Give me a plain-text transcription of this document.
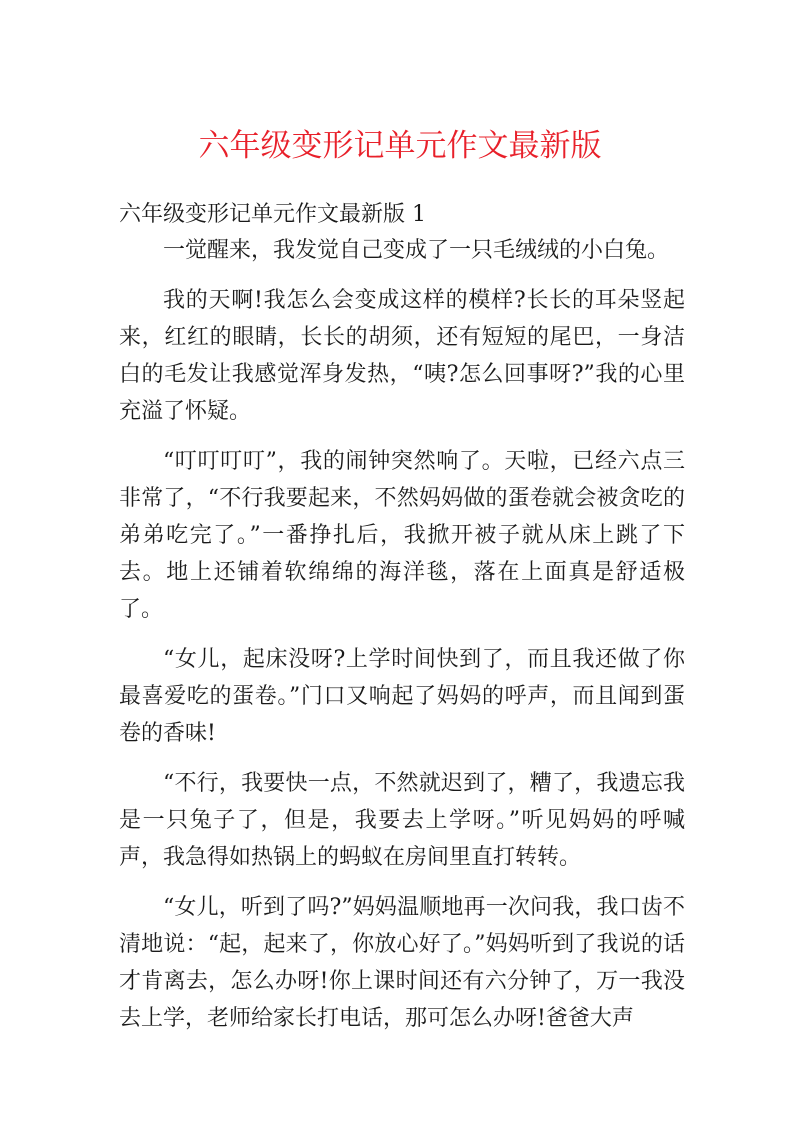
六年级变形记单元作文最新版

六年级变形记单元作文最新版 1

一觉醒来，我发觉自己变成了一只毛绒绒的小白兔。

我的天啊!我怎么会变成这样的模样?长长的耳朵竖起来，红红的眼睛，长长的胡须，还有短短的尾巴，一身洁白的毛发让我感觉浑身发热，“咦?怎么回事呀?”我的心里充溢了怀疑。

“叮叮叮叮”，我的闹钟突然响了。天啦，已经六点三非常了，“不行我要起来，不然妈妈做的蛋卷就会被贪吃的弟弟吃完了。”一番挣扎后，我掀开被子就从床上跳了下去。地上还铺着软绵绵的海洋毯，落在上面真是舒适极了。

“女儿，起床没呀?上学时间快到了，而且我还做了你最喜爱吃的蛋卷。”门口又响起了妈妈的呼声，而且闻到蛋卷的香味!

“不行，我要快一点，不然就迟到了，糟了，我遗忘我是一只兔子了，但是，我要去上学呀。”听见妈妈的呼喊声，我急得如热锅上的蚂蚁在房间里直打转转。

“女儿，听到了吗?”妈妈温顺地再一次问我，我口齿不清地说：“起，起来了，你放心好了。”妈妈听到了我说的话才肯离去，怎么办呀!你上课时间还有六分钟了，万一我没去上学，老师给家长打电话，那可怎么办呀!爸爸大声
